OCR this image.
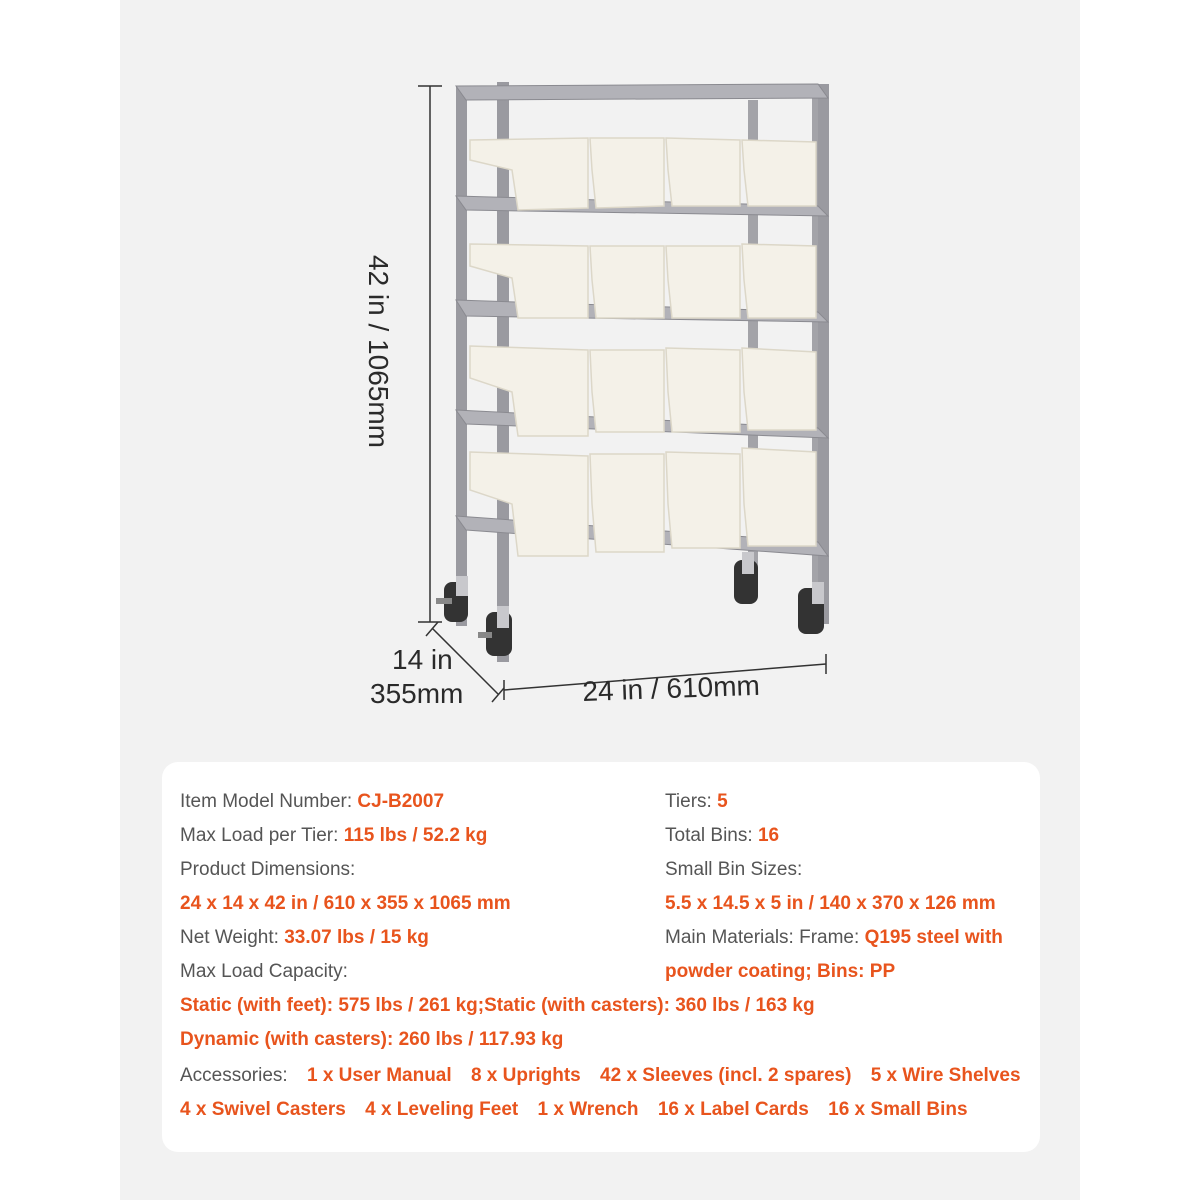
42 in / 1065mm
14 in
355mm	24 in / 610mm
Item Model Number: CJ-B2007
Max Load per Tier: 115 lbs / 52.2 kg
Product Dimensions:
24 x 14 x 42 in / 610 x 355 x 1065 mm
Net Weight: 33.07 lbs / 15 kg
Max Load Capacity:
Static (with feet): 575 lbs / 261 kg;Static (with casters): 360 lbs / 163 kg
Dynamic (with casters): 260 lbs / 117.93 kg
Tiers: 5
Total Bins: 16
Small Bin Sizes:
5.5 x 14.5 x 5 in / 140 x 370 x 126 mm
Main Materials: Frame: Q195 steel with
powder coating; Bins: PP
Accessories: 1 x User Manual 8 x Uprights 42 x Sleeves (incl. 2 spares) 5 x Wire Shelves
4 x Swivel Casters 4 x Leveling Feet 1 x Wrench 16 x Label Cards 16 x Small Bins
